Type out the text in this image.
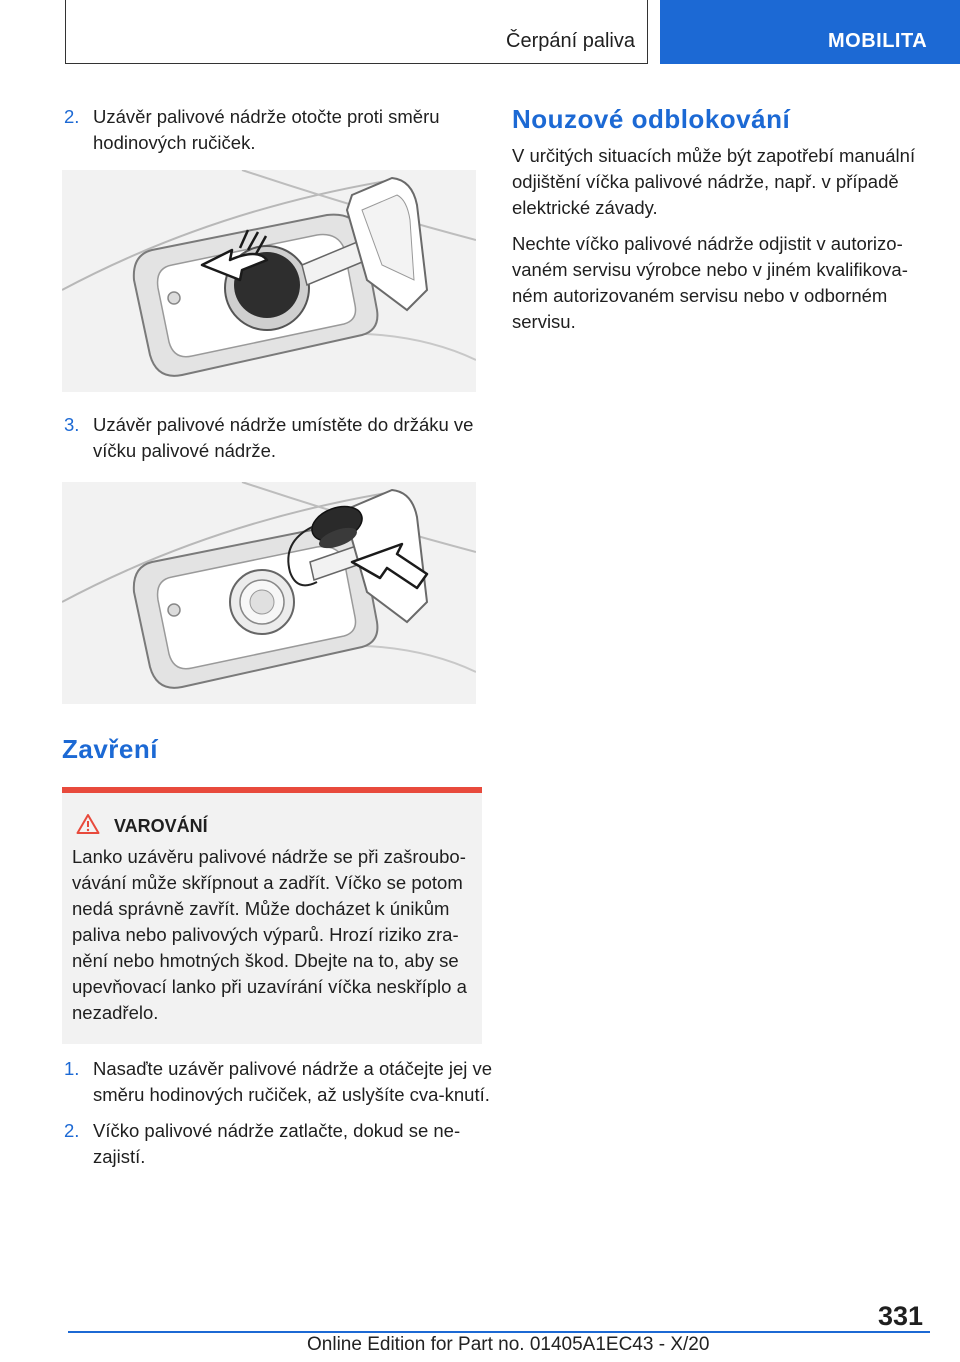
Čerpání paliva	MOBILITA
2. Uzávěr palivové nádrže otočte proti směru hodinových ručiček.
3. Uzávěr palivové nádrže umístěte do držáku ve víčku palivové nádrže.
Zavření
VAROVÁNÍ
Lanko uzávěru palivové nádrže se při zašroubo-vávání může skřípnout a zadřít. Víčko se potom nedá správně zavřít. Může docházet k únikům paliva nebo palivových výparů. Hrozí riziko zra-nění nebo hmotných škod. Dbejte na to, aby se upevňovací lanko při uzavírání víčka neskříplo a nezadřelo.
1. Nasaďte uzávěr palivové nádrže a otáčejte jej ve směru hodinových ručiček, až uslyšíte cva-knutí.
2. Víčko palivové nádrže zatlačte, dokud se ne-zajistí.
Nouzové odblokování

V určitých situacích může být zapotřebí manuální odjištění víčka palivové nádrže, např. v případě elektrické závady.

Nechte víčko palivové nádrže odjistit v autorizo-vaném servisu výrobce nebo v jiném kvalifikova-ném autorizovaném servisu nebo v odborném servisu.

331
Online Edition for Part no. 01405A1EC43 - X/20
